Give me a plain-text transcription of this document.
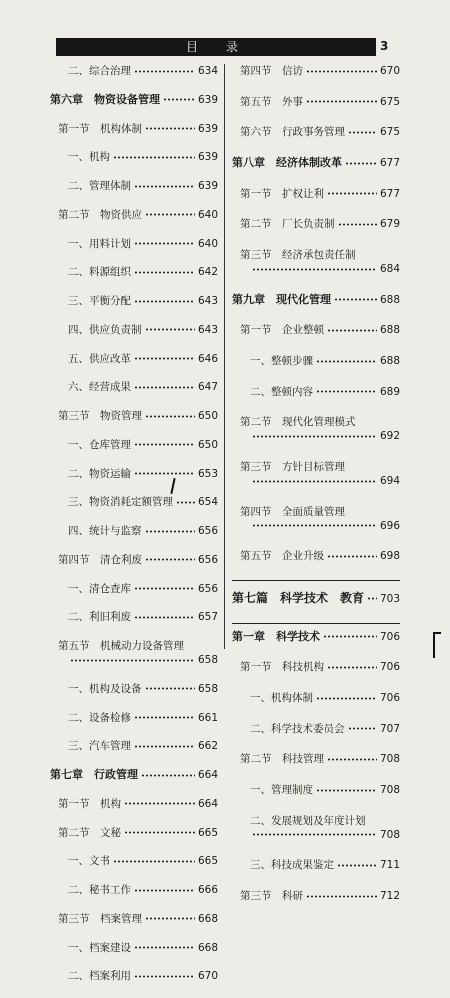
目　录	3
二、综合治理	634
第六章　物资设备管理	639
第一节　机构体制	639
一、机构	639
二、管理体制	639
第二节　物资供应	640
一、用料计划	640
二、料源组织	642
三、平衡分配	643
四、供应负责制	643
五、供应改革	646
六、经营成果	647
第三节　物资管理	650
一、仓库管理	650
二、物资运输	653
三、物资消耗定额管理 654
四、统计与监察	656
第四节　清仓利废	656
一、清仓查库	656
二、利旧利废	657
第五节　机械动力设备管理
658
一、机构及设备	658
二、设备检修	661
三、汽车管理	662
第七章　行政管理	664
第一节　机构	664
第二节　文秘	665
一、文书	665
二、秘书工作	666
第三节　档案管理	668
一、档案建设	668
二、档案利用	670
第四节　信访	670
第五节　外事	675
第六节　行政事务管理	675
第八章　经济体制改革	677
第一节　扩权让利	677
第二节　厂长负责制	679
第三节　经济承包责任制
684
第九章　现代化管理	688
第一节　企业整顿	688
一、整顿步骤	688
二、整顿内容	689
第二节　现代化管理模式
692
第三节　方针目标管理
694
第四节　全面质量管理
696
第五节　企业升级	698
第七篇　科学技术　教育 703
第一章　科学技术	706
第一节　科技机构	706
一、机构体制	706
二、科学技术委员会	707
第二节　科技管理	708
一、管理制度	708
二、发展规划及年度计划
708
三、科技成果鉴定	711
第三节　科研	712
